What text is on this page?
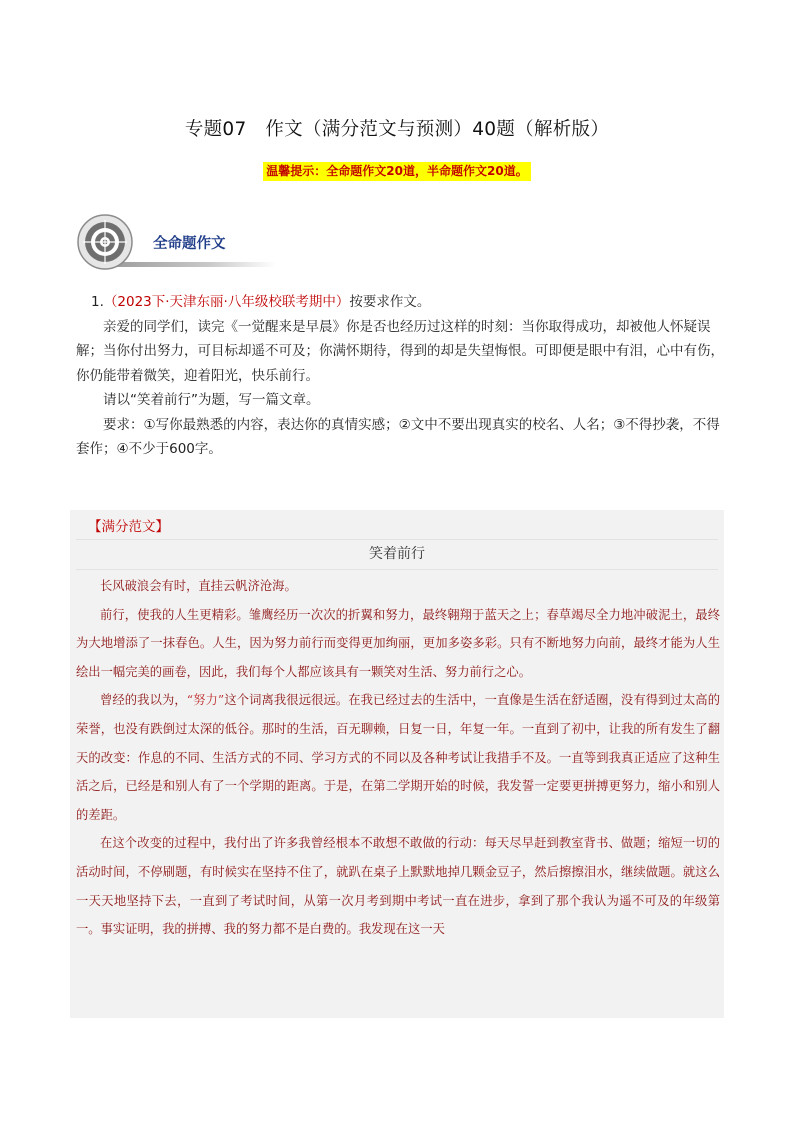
专题07　作文（满分范文与预测）40题（解析版）
温馨提示：全命题作文20道，半命题作文20道。
全命题作文

1.（2023下·天津东丽·八年级校联考期中）按要求作文。

亲爱的同学们，读完《一觉醒来是早晨》你是否也经历过这样的时刻：当你取得成功，却被他人怀疑误解；当你付出努力，可目标却遥不可及；你满怀期待，得到的却是失望悔恨。可即便是眼中有泪，心中有伤，你仍能带着微笑，迎着阳光，快乐前行。

请以“笑着前行”为题，写一篇文章。

要求：①写你最熟悉的内容，表达你的真情实感；②文中不要出现真实的校名、人名；③不得抄袭，不得套作；④不少于600字。

【满分范文】
笑着前行

长风破浪会有时，直挂云帆济沧海。

前行，使我的人生更精彩。雏鹰经历一次次的折翼和努力，最终翱翔于蓝天之上；春草竭尽全力地冲破泥土，最终为大地增添了一抹春色。人生，因为努力前行而变得更加绚丽，更加多姿多彩。只有不断地努力向前，最终才能为人生绘出一幅完美的画卷，因此，我们每个人都应该具有一颗笑对生活、努力前行之心。

曾经的我以为，“努力”这个词离我很远很远。在我已经过去的生活中，一直像是生活在舒适圈，没有得到过太高的荣誉，也没有跌倒过太深的低谷。那时的生活，百无聊赖，日复一日，年复一年。一直到了初中，让我的所有发生了翻天的改变：作息的不同、生活方式的不同、学习方式的不同以及各种考试让我措手不及。一直等到我真正适应了这种生活之后，已经是和别人有了一个学期的距离。于是，在第二学期开始的时候，我发誓一定要更拼搏更努力，缩小和别人的差距。

在这个改变的过程中，我付出了许多我曾经根本不敢想不敢做的行动：每天尽早赶到教室背书、做题；缩短一切的活动时间，不停刷题，有时候实在坚持不住了，就趴在桌子上默默地掉几颗金豆子，然后擦擦泪水，继续做题。就这么一天天地坚持下去，一直到了考试时间，从第一次月考到期中考试一直在进步，拿到了那个我认为遥不可及的年级第一。事实证明，我的拼搏、我的努力都不是白费的。我发现在这一天
